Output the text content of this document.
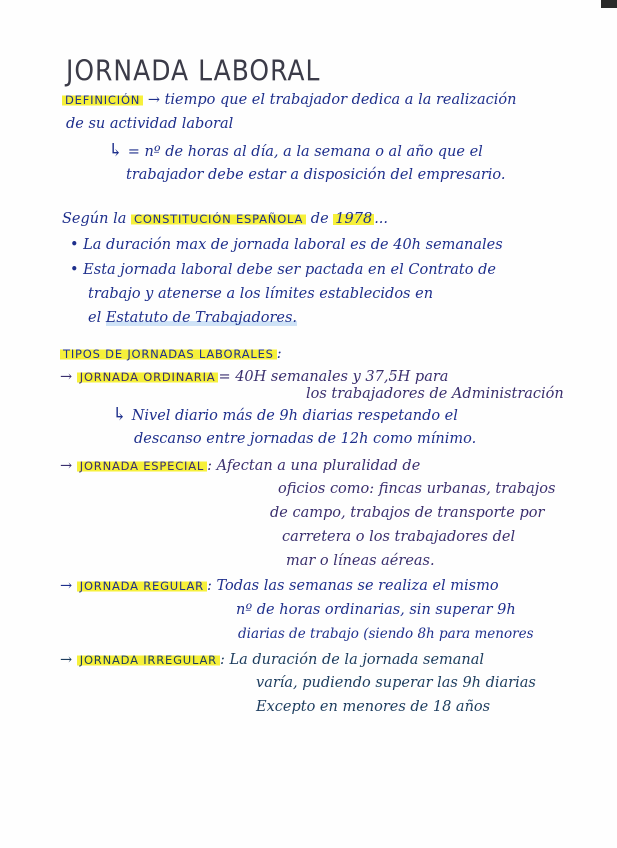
JORNADA LABORAL
DEFINICIÓN → tiempo que el trabajador dedica a la realización
de su actividad laboral
↳ = nº de horas al día, a la semana o al año que el
trabajador debe estar a disposición del empresario.
Según la CONSTITUCIÓN ESPAÑOLA de 1978 ...
• La duración max de jornada laboral es de 40h semanales
• Esta jornada laboral debe ser pactada en el Contrato de
trabajo y atenerse a los límites establecidos en
el Estatuto de Trabajadores.
TIPOS DE JORNADAS LABORALES :
→ JORNADA ORDINARIA = 40H semanales y 37,5H para
los trabajadores de Administración
↳ Nivel diario más de 9h diarias respetando el
descanso entre jornadas de 12h como mínimo.
→ JORNADA ESPECIAL : Afectan a una pluralidad de
oficios como: fincas urbanas, trabajos
de campo, trabajos de transporte por
carretera o los trabajadores del
mar o líneas aéreas.
→ JORNADA REGULAR : Todas las semanas se realiza el mismo
nº de horas ordinarias, sin superar 9h
diarias de trabajo (siendo 8h para menores
→ JORNADA IRREGULAR : La duración de la jornada semanal
varía, pudiendo superar las 9h diarias
Excepto en menores de 18 años
